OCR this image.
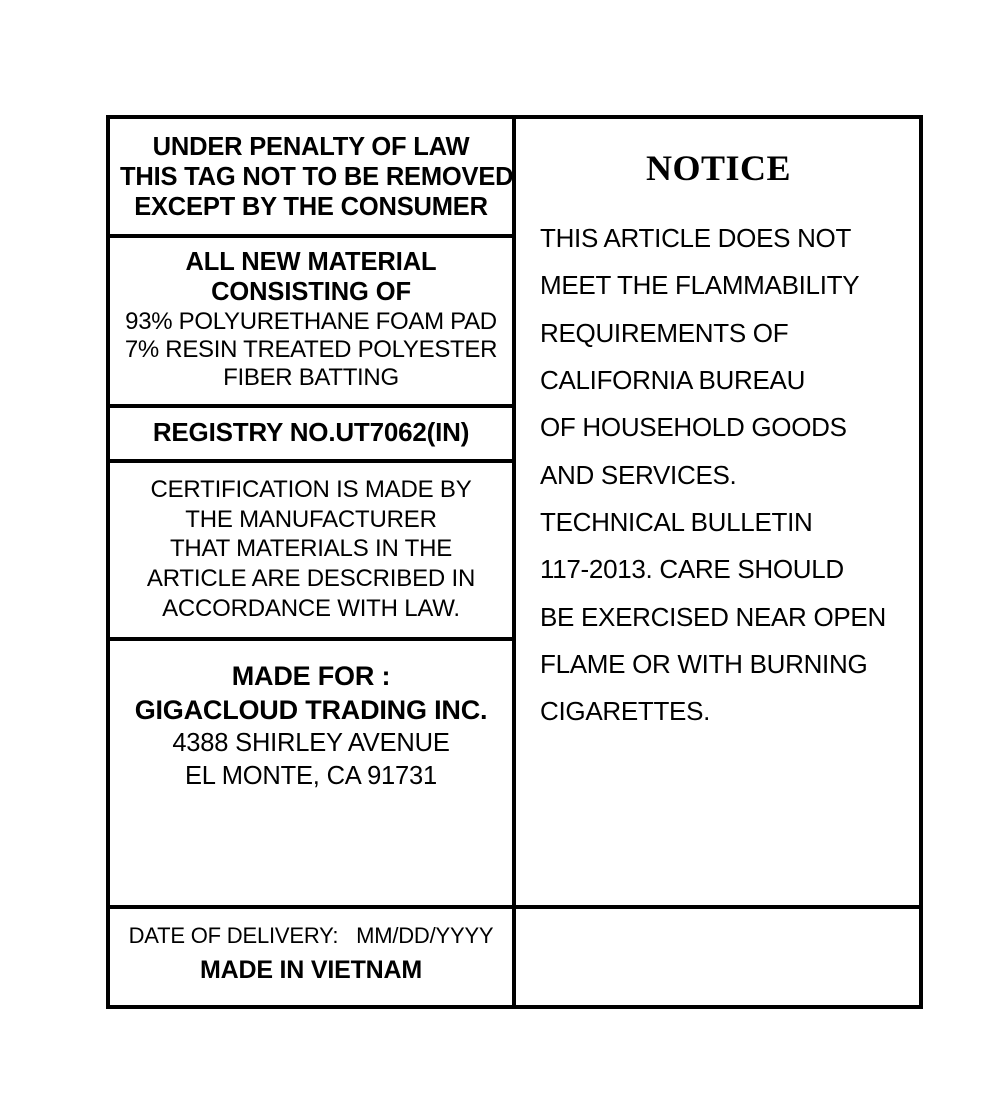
UNDER PENALTY OF LAW
THIS TAG NOT TO BE REMOVED
EXCEPT BY THE CONSUMER
ALL NEW MATERIAL
CONSISTING OF
93% POLYURETHANE FOAM PAD
7% RESIN TREATED POLYESTER
FIBER BATTING
REGISTRY NO.UT7062(IN)
CERTIFICATION IS MADE BY
THE MANUFACTURER
THAT MATERIALS IN THE
ARTICLE ARE DESCRIBED IN
ACCORDANCE WITH LAW.
MADE FOR :
GIGACLOUD TRADING INC.
4388 SHIRLEY AVENUE
EL MONTE, CA 91731
NOTICE
THIS ARTICLE DOES NOT
MEET THE FLAMMABILITY
REQUIREMENTS OF
CALIFORNIA BUREAU
OF HOUSEHOLD GOODS
AND SERVICES.
TECHNICAL BULLETIN
117-2013. CARE SHOULD
BE EXERCISED NEAR OPEN
FLAME OR WITH BURNING
CIGARETTES.
DATE OF DELIVERY: MM/DD/YYYY
MADE IN VIETNAM
